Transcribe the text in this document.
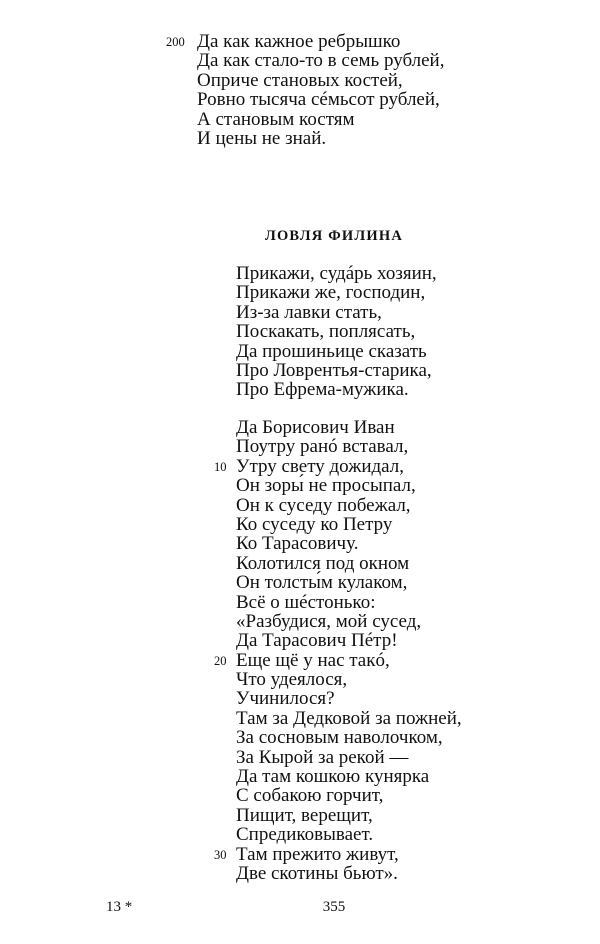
200 Да как кажное ребрышко
Да как стало-то в семь рублей,
Оприче становых костей,
Ровно тысяча сéмьсот рублей,
А становым костям
И цены не знай.
ЛОВЛЯ ФИЛИНА
Прикажи, судáрь хозяин,
Прикажи же, господин,
Из-за лавки стать,
Поскакать, поплясать,
Да прошиньице сказать
Про Ловрентья-старика,
Про Ефрема-мужика.
Да Борисович Иван
Поутру ранó вставал,
10 Утру свету дожидал,
Он зоры́ не просыпал,
Он к суседу побежал,
Ко суседу ко Петру
Ко Тарасовичу.
Колотился под окном
Он толсты́м кулаком,
Всё о шéстонько:
«Разбудися, мой сусед,
Да Тарасович Пéтр!
20 Еще щё у нас такó,
Что удеялося,
Учинилося?
Там за Дедковой за пожней,
За сосновым наволочком,
За Кырой за рекой —
Да там кошкою кунярка
С собакою горчит,
Пищит, верещит,
Спредиковывает.
30 Там прежито живут,
Две скотины бьют».
13 *	355
